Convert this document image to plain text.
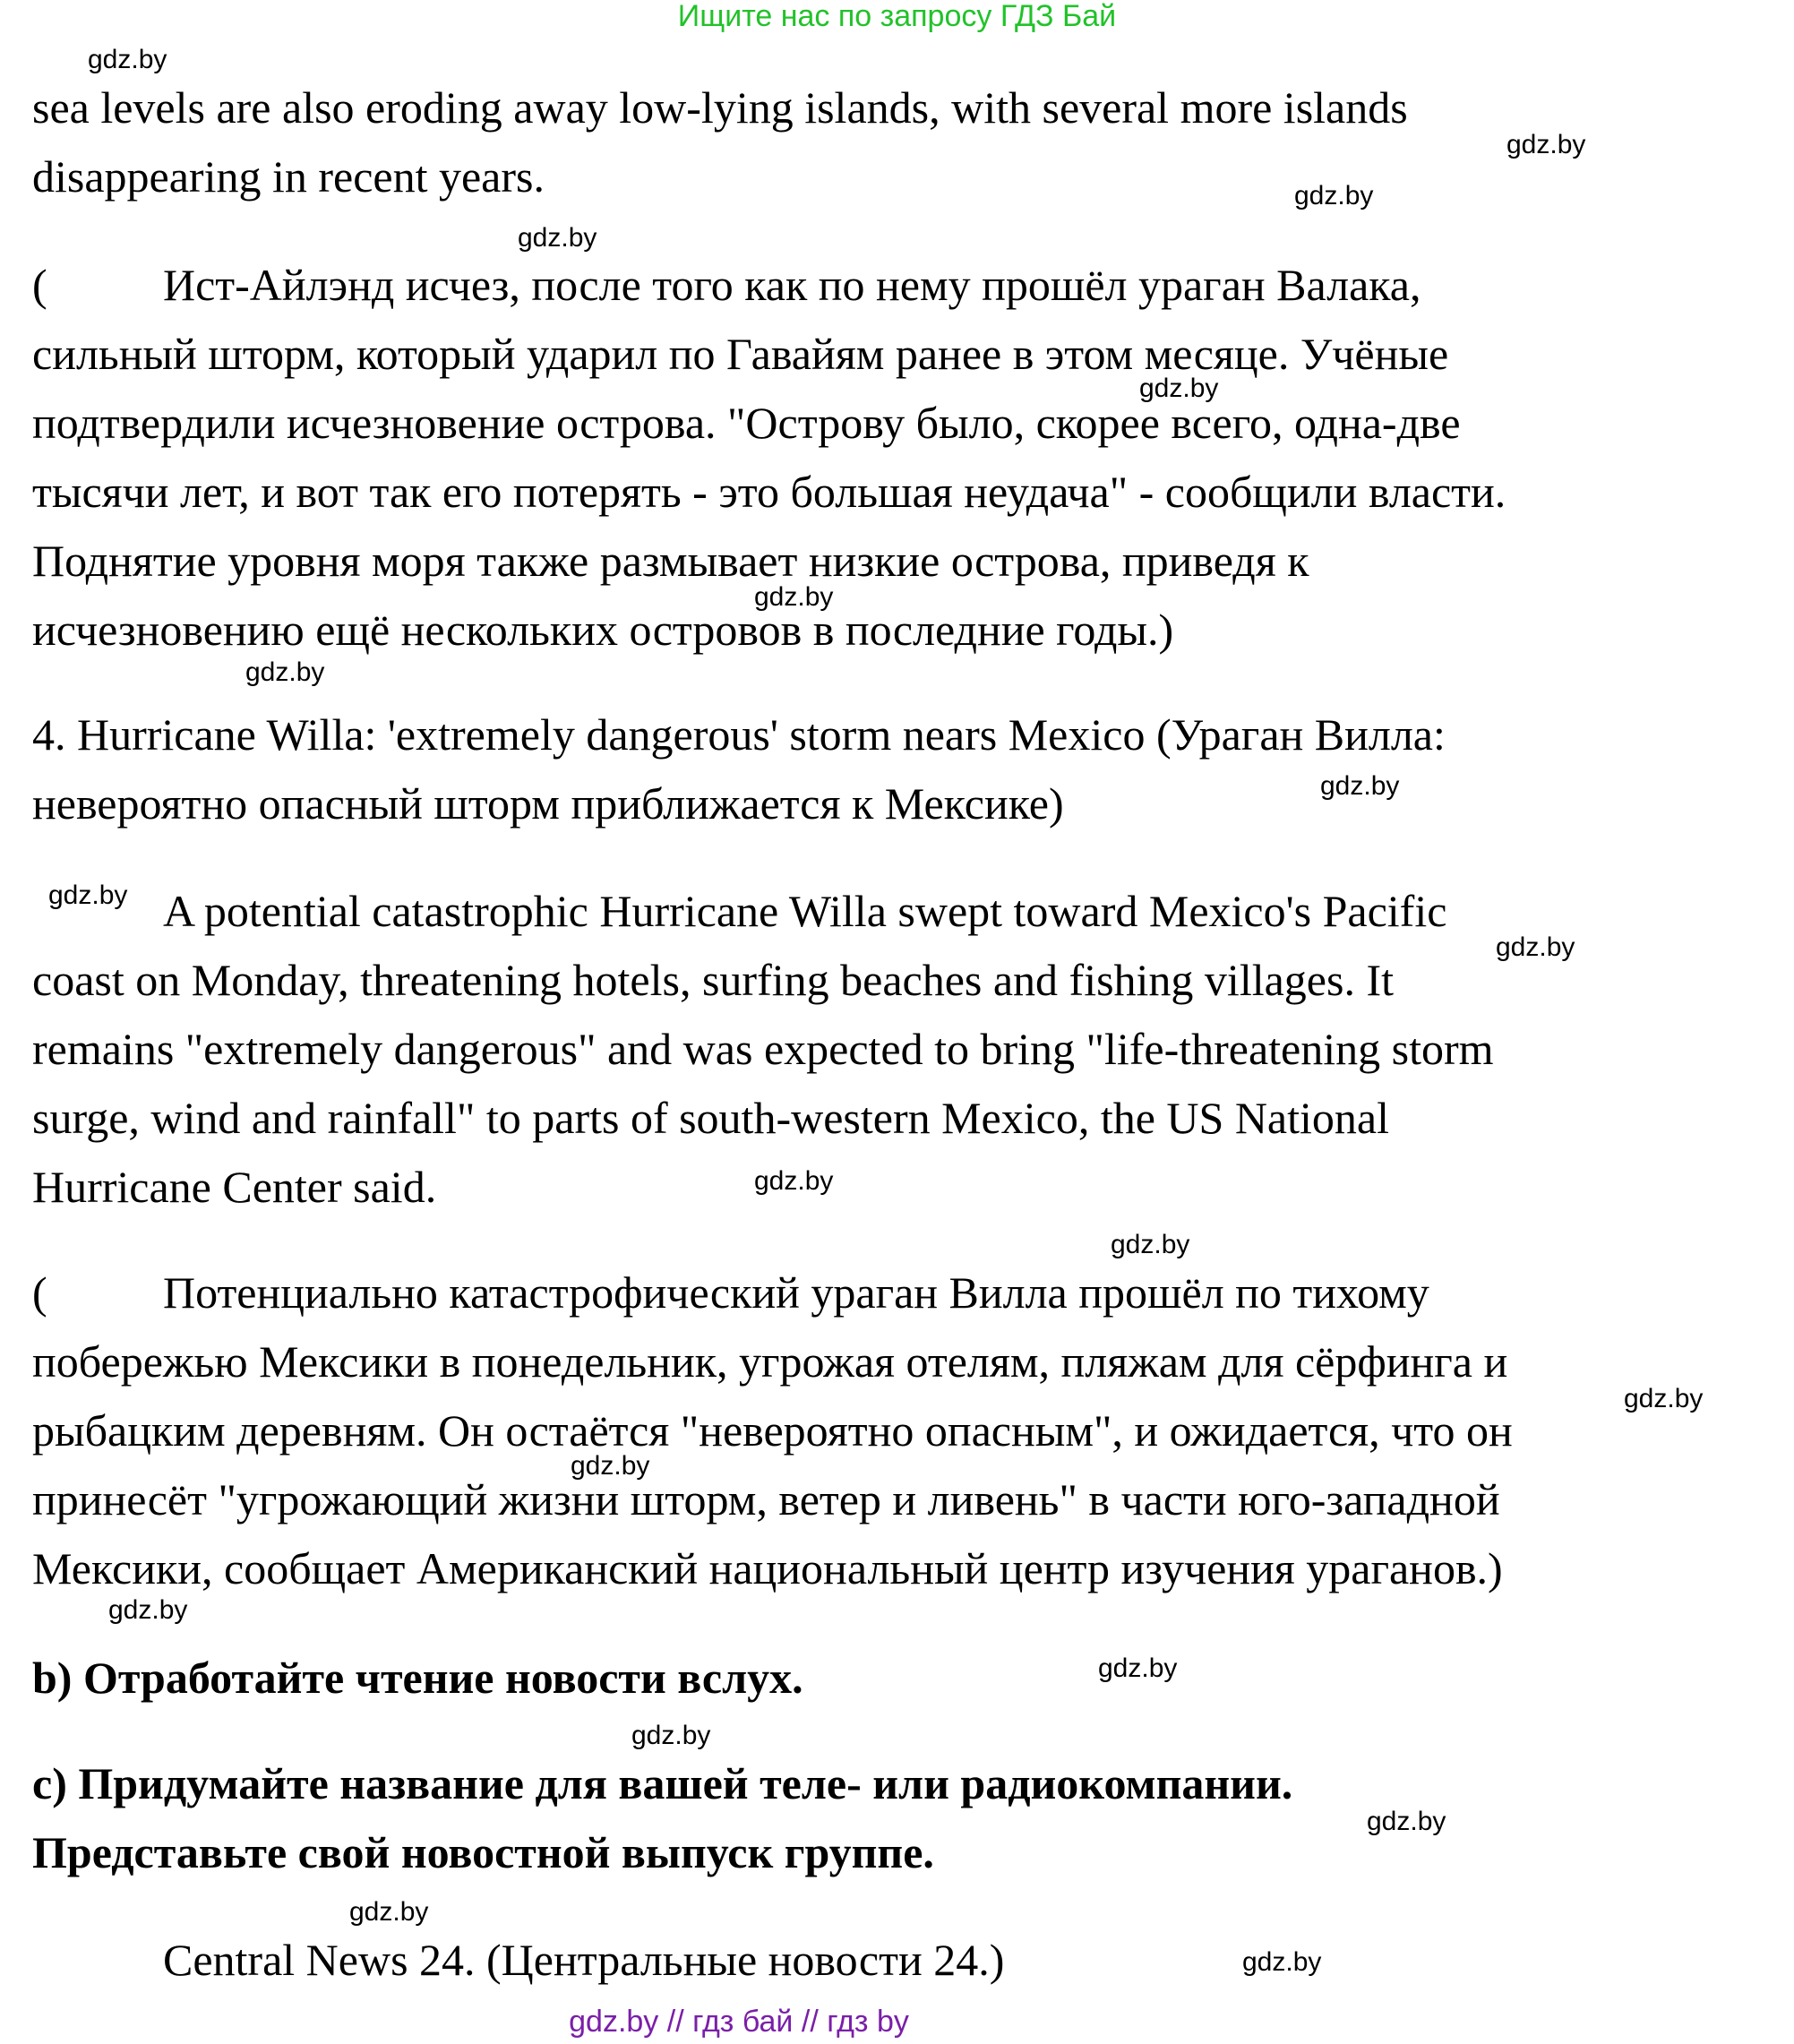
Ищите нас по запросу ГДЗ Бай
sea levels are also eroding away low-lying islands, with several more islands
disappearing in recent years.
(	Ист-Айлэнд исчез, после того как по нему прошёл ураган Валака,
сильный шторм, который ударил по Гавайям ранее в этом месяце. Учёные
подтвердили исчезновение острова. "Острову было, скорее всего, одна-две
тысячи лет, и вот так его потерять - это большая неудача" - сообщили власти.
Поднятие уровня моря также размывает низкие острова, приведя к
исчезновению ещё нескольких островов в последние годы.)
4. Hurricane Willa: 'extremely dangerous' storm nears Mexico (Ураган Вилла:
невероятно опасный шторм приближается к Мексике)
A potential catastrophic Hurricane Willa swept toward Mexico's Pacific
coast on Monday, threatening hotels, surfing beaches and fishing villages. It
remains "extremely dangerous" and was expected to bring "life-threatening storm
surge, wind and rainfall" to parts of south-western Mexico, the US National
Hurricane Center said.
(	Потенциально катастрофический ураган Вилла прошёл по тихому
побережью Мексики в понедельник, угрожая отелям, пляжам для сёрфинга и
рыбацким деревням. Он остаётся "невероятно опасным", и ожидается, что он
принесёт "угрожающий жизни шторм, ветер и ливень" в части юго-западной
Мексики, сообщает Американский национальный центр изучения ураганов.)
b) Отработайте чтение новости вслух.
c) Придумайте название для вашей теле- или радиокомпании.
Представьте свой новостной выпуск группе.
Central News 24. (Центральные новости 24.)
gdz.by
gdz.by
gdz.by
gdz.by
gdz.by
gdz.by
gdz.by
gdz.by
gdz.by
gdz.by
gdz.by
gdz.by
gdz.by
gdz.by
gdz.by
gdz.by
gdz.by
gdz.by
gdz.by
gdz.by
gdz.by // гдз бай // гдз by
